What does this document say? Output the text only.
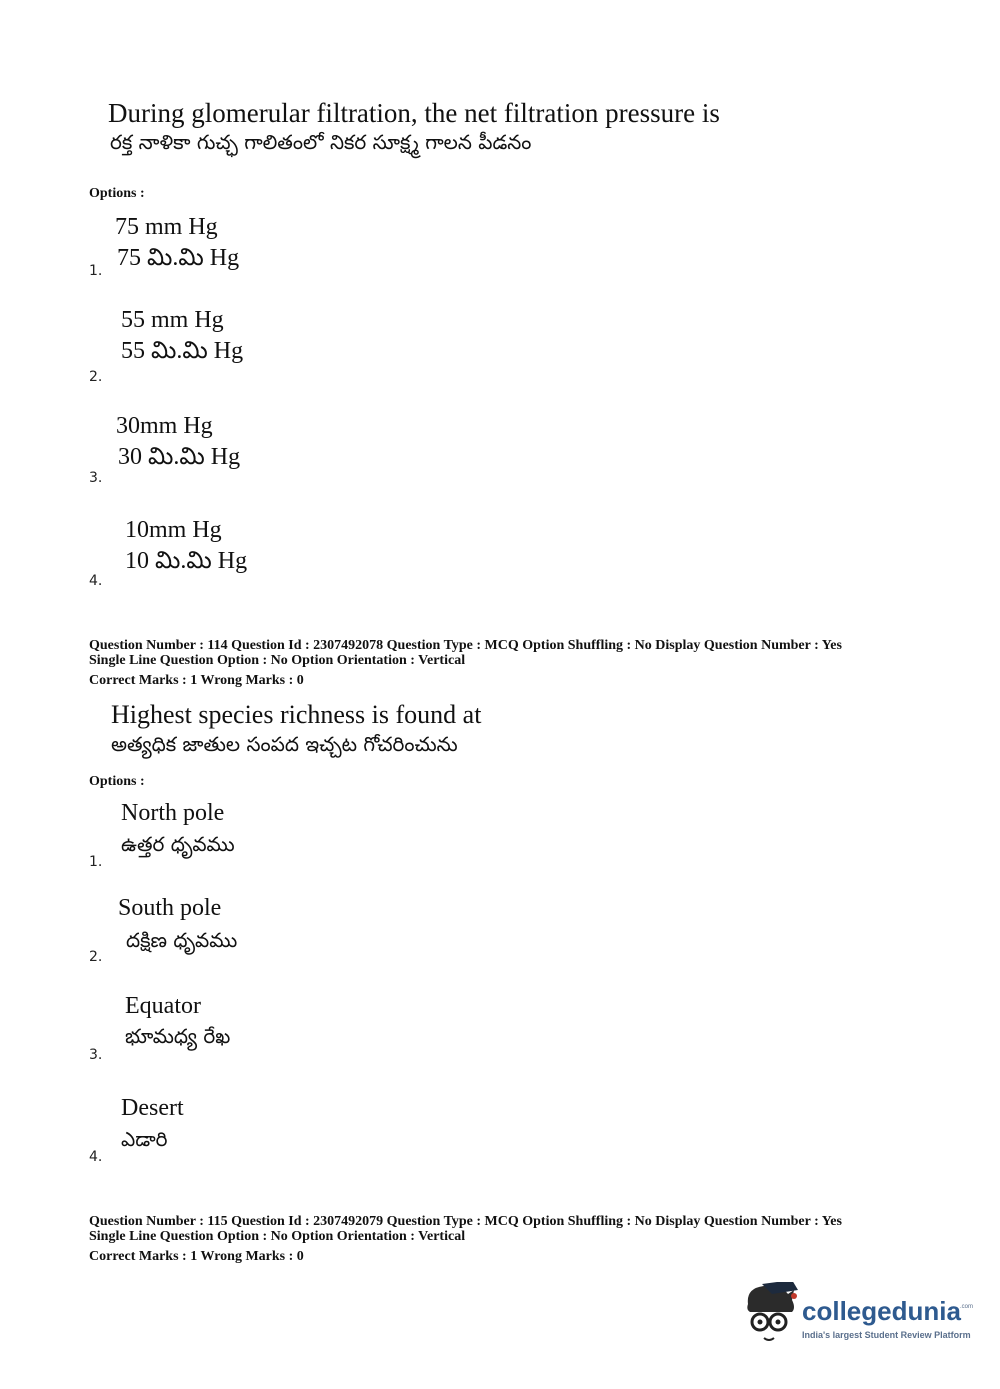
During glomerular filtration, the net filtration pressure is
రక్త నాళికా గుచ్ఛ గాలితంలో నికర సూక్ష్మ గాలన పీడనం
Options :
75 mm Hg
75 మి.మి Hg
1.
55 mm Hg
55 మి.మి Hg
2.
30mm Hg
30 మి.మి Hg
3.
10mm Hg
10 మి.మి Hg
4.
Question Number : 114 Question Id : 2307492078 Question Type : MCQ Option Shuffling : No Display Question Number : Yes
Single Line Question Option : No Option Orientation : Vertical
Correct Marks : 1 Wrong Marks : 0
Highest species richness is found at
అత్యధిక జాతుల సంపద ఇచ్చట గోచరించును
Options :
North pole
ఉత్తర ధృవము
1.
South pole
దక్షిణ ధృవము
2.
Equator
భూమధ్య రేఖ
3.
Desert
ఎడారి
4.
Question Number : 115 Question Id : 2307492079 Question Type : MCQ Option Shuffling : No Display Question Number : Yes
Single Line Question Option : No Option Orientation : Vertical
Correct Marks : 1 Wrong Marks : 0
collegedunia .com
India's largest Student Review Platform
